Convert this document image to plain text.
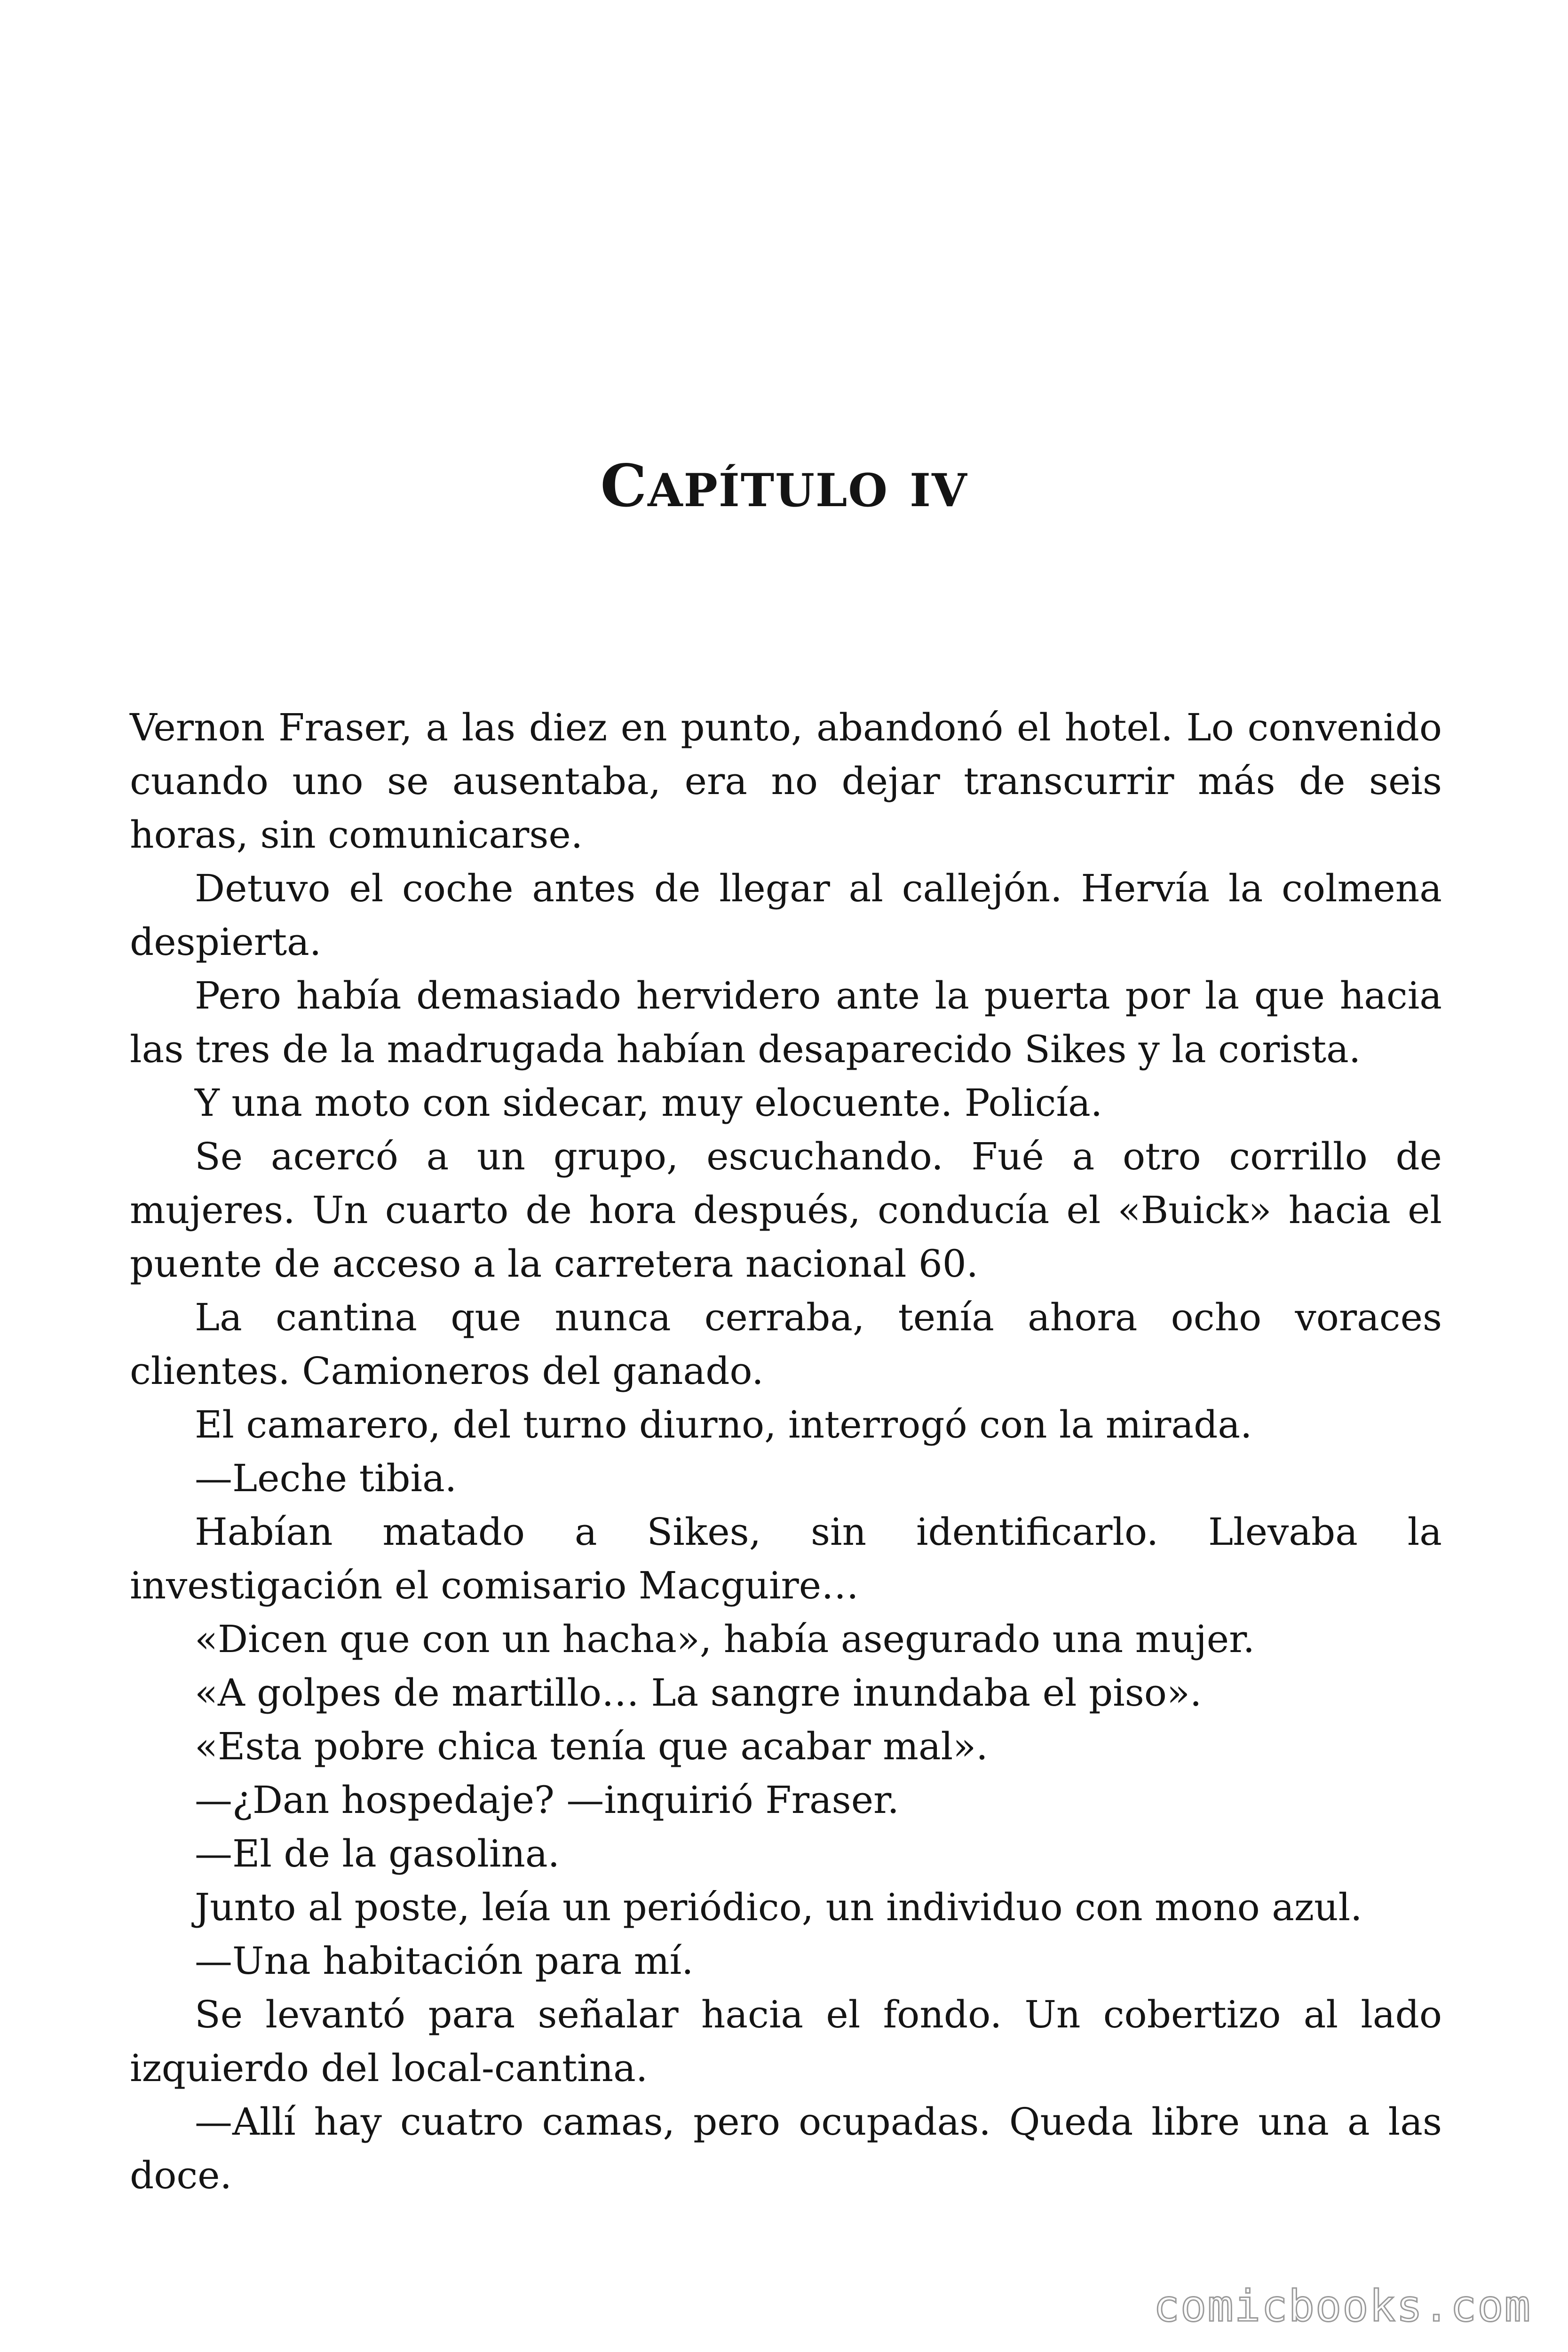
CAPÍTULO IV

Vernon Fraser, a las diez en punto, abandonó el hotel. Lo convenido cuando uno se ausentaba, era no dejar transcurrir más de seis horas, sin comunicarse.

Detuvo el coche antes de llegar al callejón. Hervía la colmena despierta.

Pero había demasiado hervidero ante la puerta por la que hacia las tres de la madrugada habían desaparecido Sikes y la corista.

Y una moto con sidecar, muy elocuente. Policía.

Se acercó a un grupo, escuchando. Fué a otro corrillo de mujeres. Un cuarto de hora después, conducía el «Buick» hacia el puente de acceso a la carretera nacional 60.

La cantina que nunca cerraba, tenía ahora ocho voraces clientes. Camioneros del ganado.

El camarero, del turno diurno, interrogó con la mirada.

—Leche tibia.

Habían matado a Sikes, sin identificarlo. Llevaba la investigación el comisario Macguire…

«Dicen que con un hacha», había asegurado una mujer.

«A golpes de martillo… La sangre inundaba el piso».

«Esta pobre chica tenía que acabar mal».

—¿Dan hospedaje? —inquirió Fraser.

—El de la gasolina.

Junto al poste, leía un periódico, un individuo con mono azul.

—Una habitación para mí.

Se levantó para señalar hacia el fondo. Un cobertizo al lado izquierdo del local-cantina.

—Allí hay cuatro camas, pero ocupadas. Queda libre una a las doce.

comicbooks.com
